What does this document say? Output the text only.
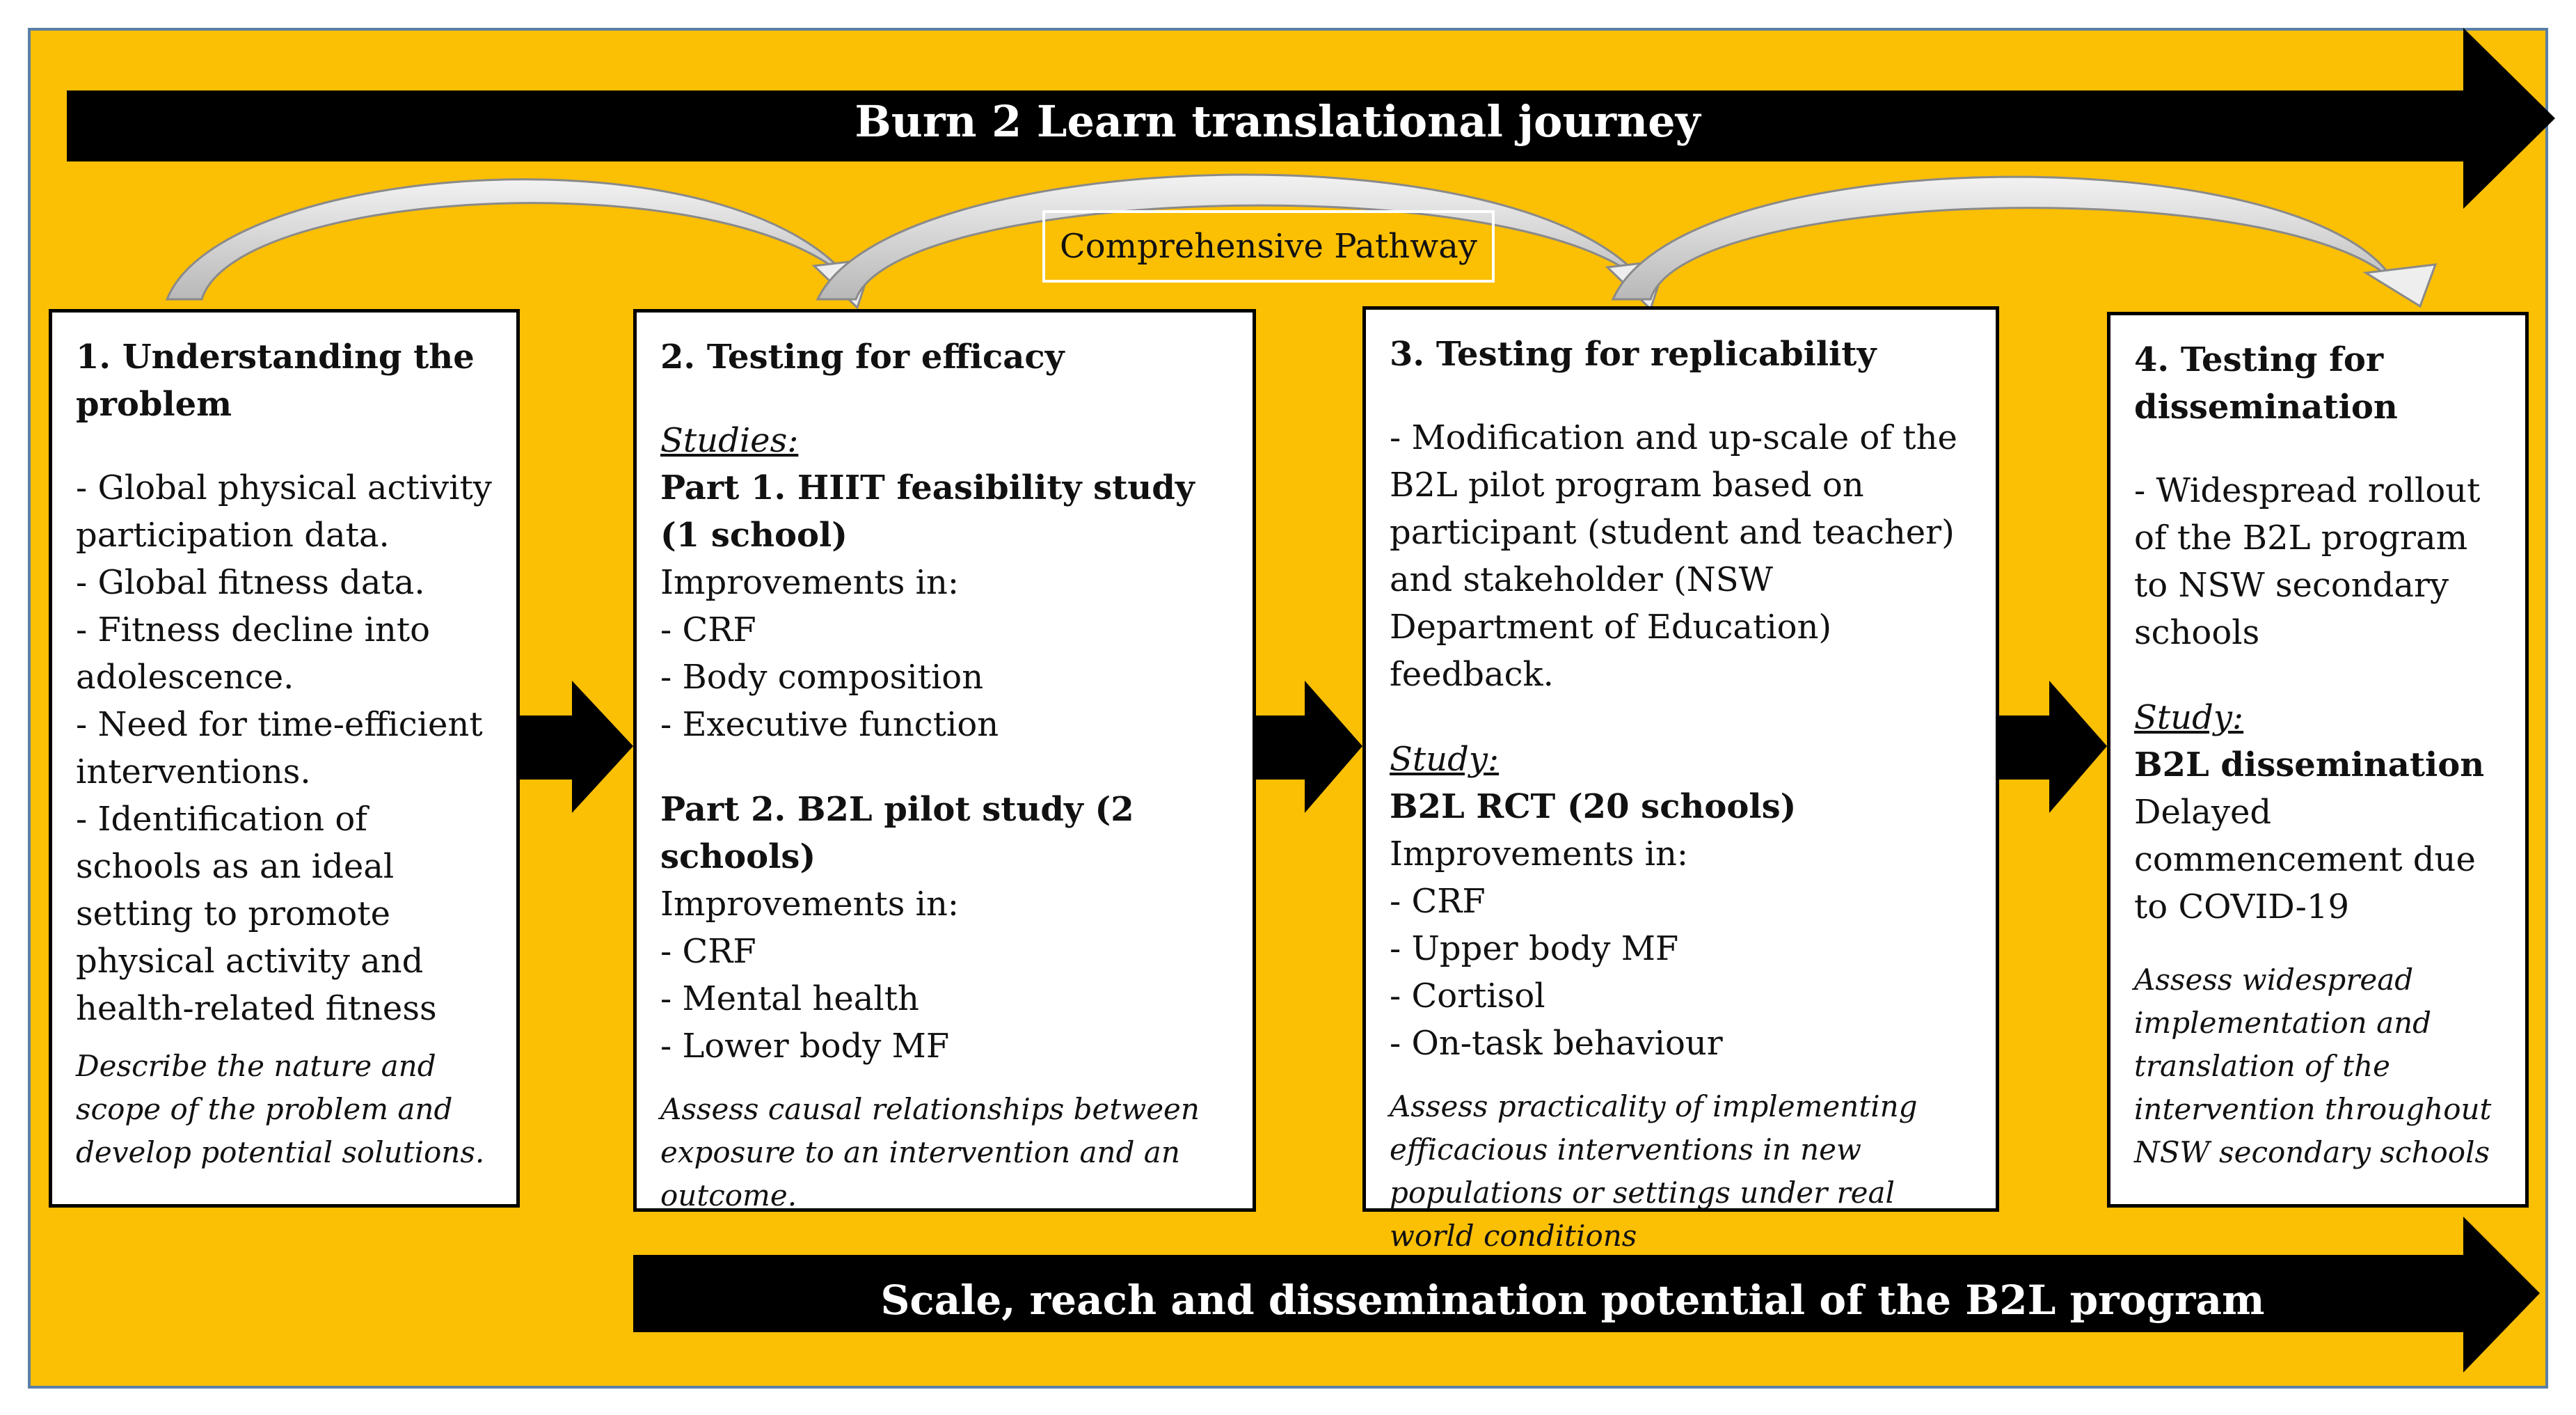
Burn 2 Learn translational journey
Comprehensive Pathway
Scale, reach and dissemination potential of the B2L program
1. Understanding the problem
- Global physical activity participation data.
- Global fitness data.
- Fitness decline into adolescence.
- Need for time-efficient interventions.
- Identification of schools as an ideal setting to promote physical activity and health-related fitness
Describe the nature and scope of the problem and develop potential solutions.
2. Testing for efficacy
Studies:
Part 1. HIIT feasibility study (1 school)
Improvements in:
- CRF
- Body composition
- Executive function
Part 2. B2L pilot study (2 schools)
Improvements in:
- CRF
- Mental health
- Lower body MF
Assess causal relationships between exposure to an intervention and an outcome.
3. Testing for replicability
- Modification and up-scale of the B2L pilot program based on participant (student and teacher) and stakeholder (NSW Department of Education) feedback.
Study:
B2L RCT (20 schools)
Improvements in:
- CRF
- Upper body MF
- Cortisol
- On-task behaviour
Assess practicality of implementing efficacious interventions in new populations or settings under real world conditions
4. Testing for dissemination
- Widespread rollout of the B2L program to NSW secondary schools
Study:
B2L dissemination
Delayed commencement due to COVID-19
Assess widespread implementation and translation of the intervention throughout NSW secondary schools
